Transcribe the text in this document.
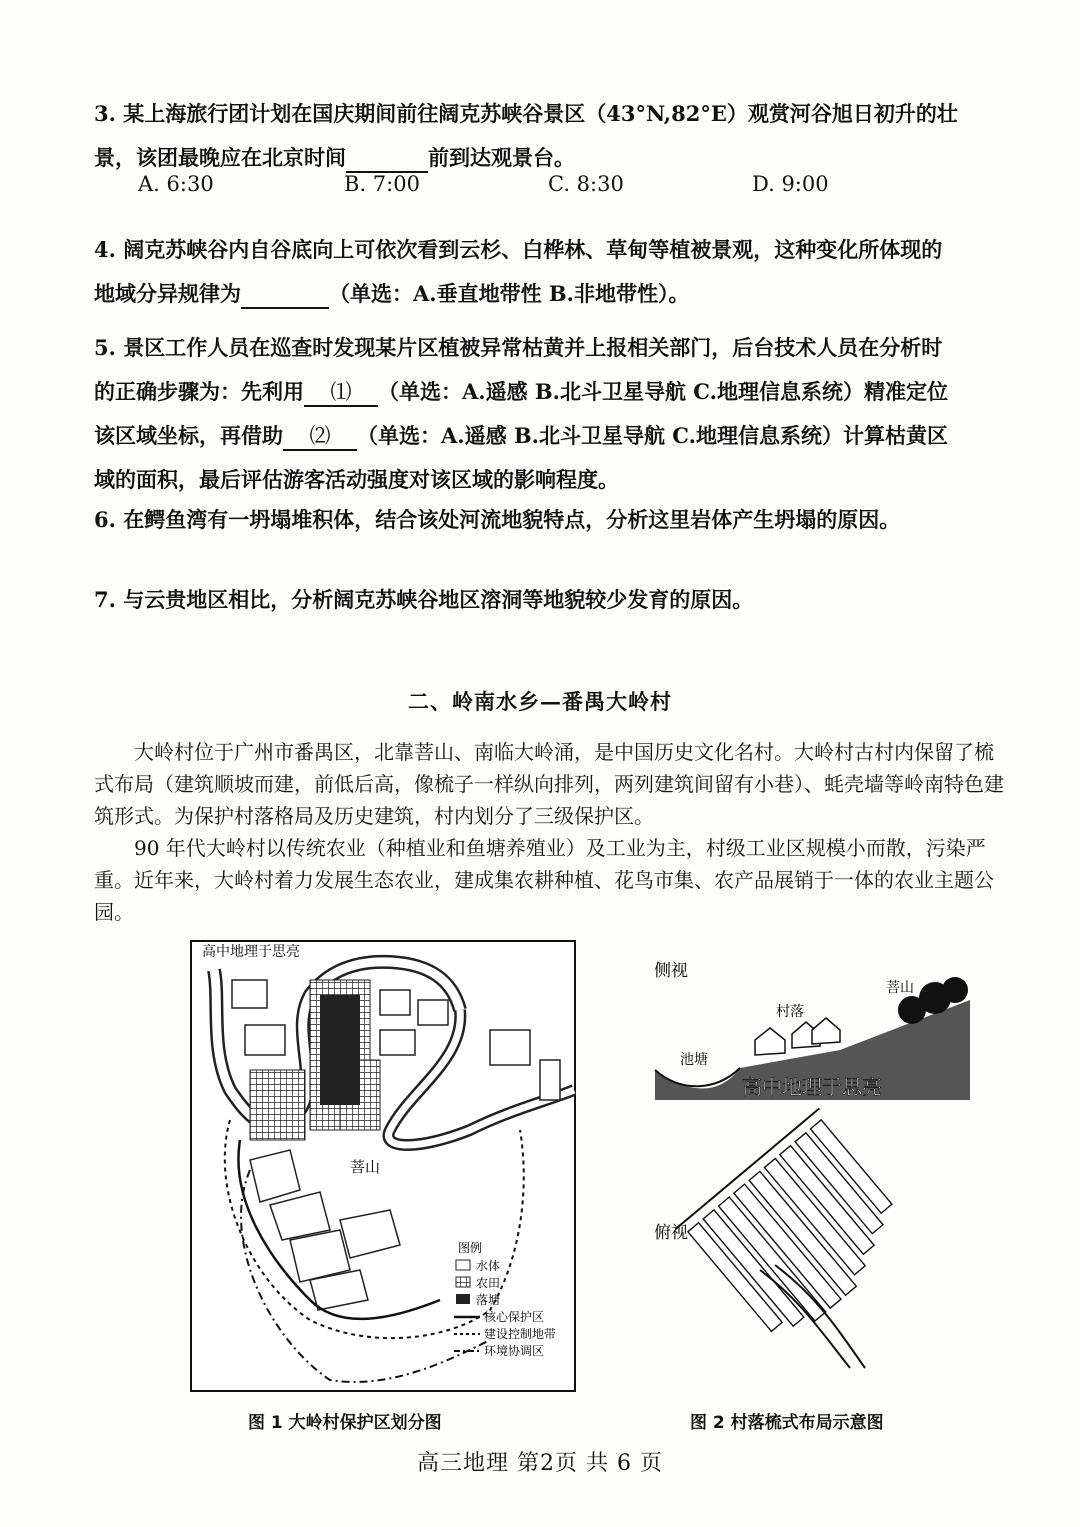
3. 某上海旅行团计划在国庆期间前往阔克苏峡谷景区（43°N,82°E）观赏河谷旭日初升的壮
景，该团最晚应在北京时间	前到达观景台。
A. 6:30	B. 7:00	C. 8:30	D. 9:00
4. 阔克苏峡谷内自谷底向上可依次看到云杉、白桦林、草甸等植被景观，这种变化所体现的
地域分异规律为	（单选：A.垂直地带性 B.非地带性）。
5. 景区工作人员在巡查时发现某片区植被异常枯黄并上报相关部门，后台技术人员在分析时
的正确步骤为：先利用 ⑴ （单选：A.遥感 B.北斗卫星导航 C.地理信息系统）精准定位
该区域坐标，再借助 ⑵ （单选：A.遥感 B.北斗卫星导航 C.地理信息系统）计算枯黄区
域的面积，最后评估游客活动强度对该区域的影响程度。
6. 在鳄鱼湾有一坍塌堆积体，结合该处河流地貌特点，分析这里岩体产生坍塌的原因。
7. 与云贵地区相比，分析阔克苏峡谷地区溶洞等地貌较少发育的原因。
二、岭南水乡—番禺大岭村
大岭村位于广州市番禺区，北靠菩山、南临大岭涌，是中国历史文化名村。大岭村古村内保留了梳式布局（建筑顺坡而建，前低后高，像梳子一样纵向排列，两列建筑间留有小巷）、蚝壳墙等岭南特色建筑形式。为保护村落格局及历史建筑，村内划分了三级保护区。
90 年代大岭村以传统农业（种植业和鱼塘养殖业）及工业为主，村级工业区规模小而散，污染严重。近年来，大岭村着力发展生态农业，建成集农耕种植、花鸟市集、农产品展销于一体的农业主题公园。
菩山
图例
水体
农田
落塘
核心保护区
建设控制地带
环境协调区
高中地理于思亮
图 1 大岭村保护区划分图
侧视
池塘
村落
菩山
高中地理于思亮
俯视
图 2 村落梳式布局示意图
高三地理 第2页 共 6 页
